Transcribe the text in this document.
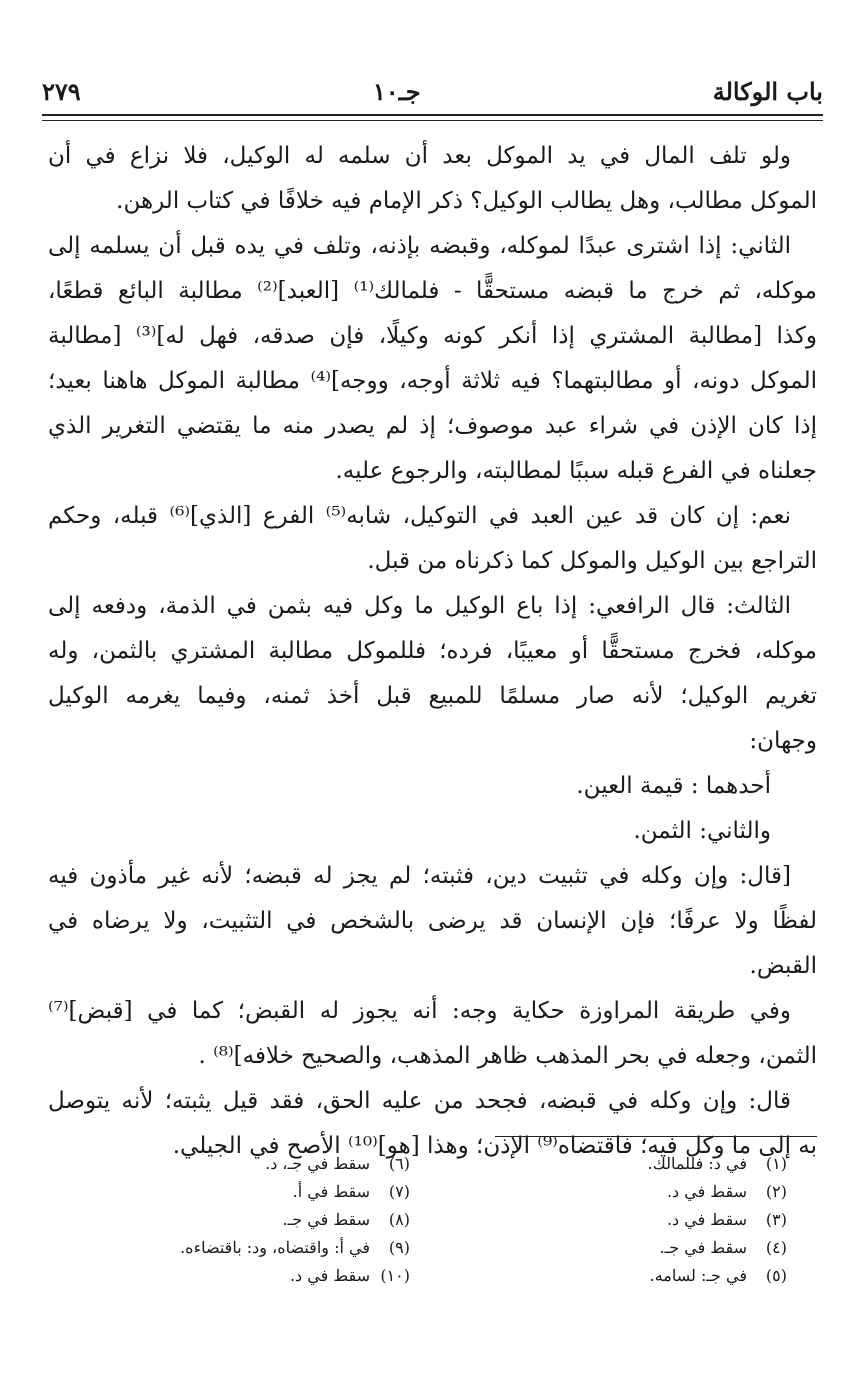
باب الوكالة
جـ١٠
٢٧٩
ولو تلف المال في يد الموكل بعد أن سلمه له الوكيل، فلا نزاع في أن
الموكل مطالب، وهل يطالب الوكيل؟ ذكر الإمام فيه خلافًا في كتاب الرهن.
الثاني: إذا اشترى عبدًا لموكله، وقبضه بإذنه، وتلف في يده قبل أن يسلمه إلى
موكله، ثم خرج ما قبضه مستحقًّا - فلمالك⁽¹⁾ [العبد]⁽²⁾ مطالبة البائع قطعًا،
وكذا [مطالبة المشتري إذا أنكر كونه وكيلًا، فإن صدقه، فهل له]⁽³⁾ [مطالبة
الموكل دونه، أو مطالبتهما؟ فيه ثلاثة أوجه، ووجه]⁽⁴⁾ مطالبة الموكل هاهنا بعيد؛
إذا كان الإذن في شراء عبد موصوف؛ إذ لم يصدر منه ما يقتضي التغرير الذي
جعلناه في الفرع قبله سببًا لمطالبته، والرجوع عليه.
نعم: إن كان قد عين العبد في التوكيل، شابه⁽⁵⁾ الفرع [الذي]⁽⁶⁾ قبله، وحكم
التراجع بين الوكيل والموكل كما ذكرناه من قبل.
الثالث: قال الرافعي: إذا باع الوكيل ما وكل فيه بثمن في الذمة، ودفعه إلى
موكله، فخرج مستحقًّا أو معيبًا، فرده؛ فللموكل مطالبة المشتري بالثمن، وله
تغريم الوكيل؛ لأنه صار مسلمًا للمبيع قبل أخذ ثمنه، وفيما يغرمه الوكيل
وجهان:
أحدهما : قيمة العين.
والثاني: الثمن.
[قال: وإن وكله في تثبيت دين، فثبته؛ لم يجز له قبضه؛ لأنه غير مأذون فيه
لفظًا ولا عرفًا؛ فإن الإنسان قد يرضى بالشخص في التثبيت، ولا يرضاه في
القبض.
وفي طريقة المراوزة حكاية وجه: أنه يجوز له القبض؛ كما في [قبض]⁽⁷⁾
الثمن، وجعله في بحر المذهب ظاهر المذهب، والصحيح خلافه]⁽⁸⁾ .
قال: وإن وكله في قبضه، فجحد من عليه الحق، فقد قيل يثبته؛ لأنه يتوصل
به إلى ما وكل فيه؛ فاقتضاه⁽⁹⁾ الإذن؛ وهذا [هو]⁽¹⁰⁾ الأصح في الجيلي.
(١)في د: فللمالك.
(٢)سقط في د.
(٣)سقط في د.
(٤)سقط في جـ.
(٥)في جـ: لسامه.
(٦)سقط في جـ، د.
(٧)سقط في أ.
(٨)سقط في جـ.
(٩)في أ: واقتضاه، ود: باقتضاءه.
(١٠)سقط في د.
